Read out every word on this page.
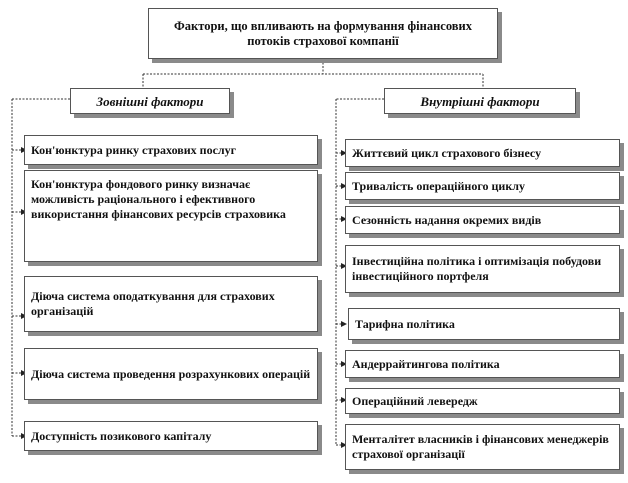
Фактори, що впливають на формування фінансових потоків страхової компанії
Зовнішні фактори	Внутрішні фактори
Кон'юнктура ринку страхових послуг
Кон'юнктура фондового ринку визначає можливість раціонального і ефективного використання фінансових ресурсів страховика
Діюча система оподаткування для страхових організацій
Діюча система проведення розрахункових операцій
Доступність позикового капіталу
Життєвий цикл страхового бізнесу
Тривалість операційного циклу
Сезонність надання окремих видів
Інвестиційна політика і оптимізація побудови інвестиційного портфеля
Тарифна політика
Андеррайтингова політика
Операційний левередж
Менталітет власників і фінансових менеджерів страхової організації
